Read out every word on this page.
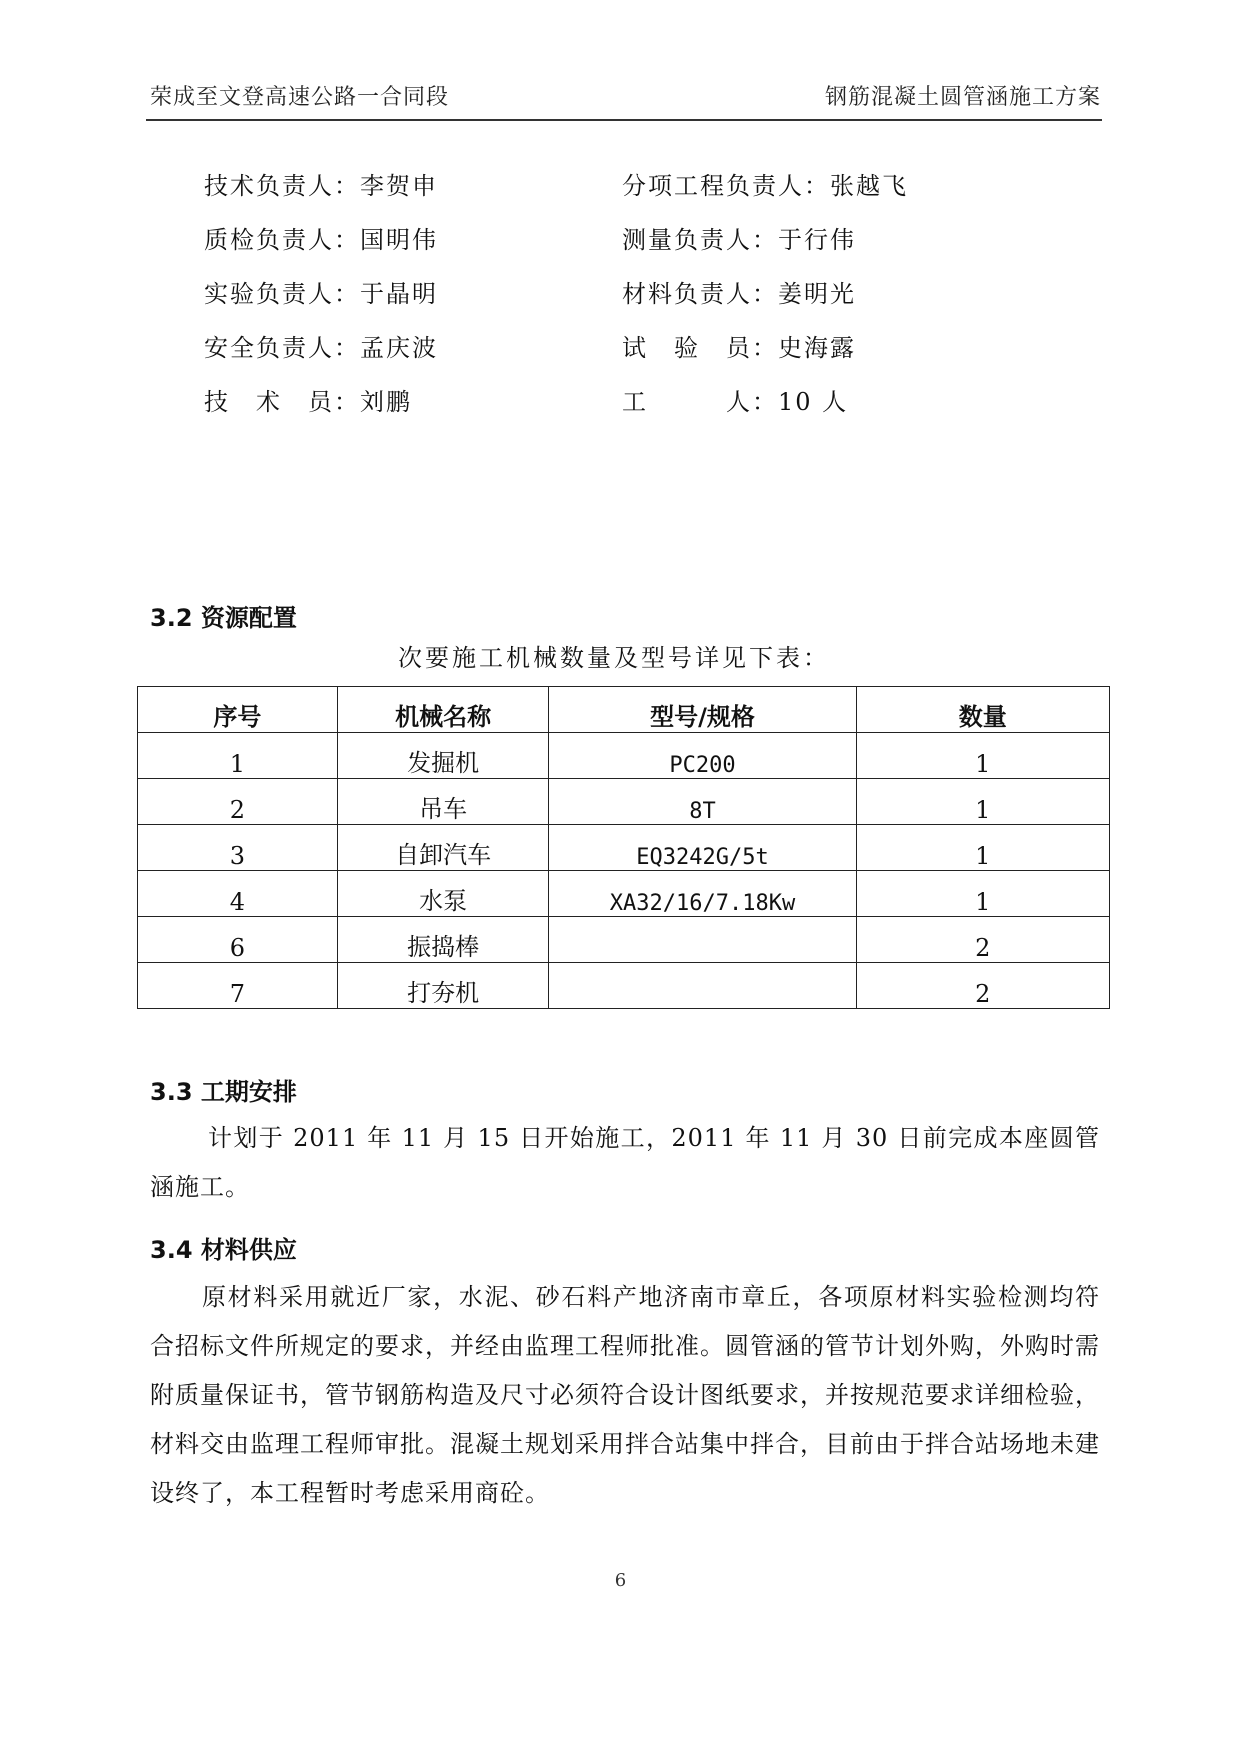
荣成至文登高速公路一合同段	钢筋混凝土圆管涵施工方案
技术负责人：李贺申	分项工程负责人：张越飞
质检负责人：国明伟	测量负责人：于行伟
实验负责人：于晶明	材料负责人：姜明光
安全负责人：孟庆波	试　验　员：史海露
技　术　员：刘鹏	工　　　人：10 人
3.2 资源配置
次要施工机械数量及型号详见下表：
序号	机械名称	型号/规格	数量
1	发掘机	PC200	1
2	吊车	8T	1
3	自卸汽车	EQ3242G/5t	1
4	水泵	XA32/16/7.18Kw	1
6	振捣棒		2
7	打夯机		2
3.3 工期安排
计划于 2011 年 11 月 15 日开始施工，2011 年 11 月 30 日前完成本座圆管涵施工。
3.4 材料供应
原材料采用就近厂家，水泥、砂石料产地济南市章丘，各项原材料实验检测均符合招标文件所规定的要求，并经由监理工程师批准。圆管涵的管节计划外购，外购时需附质量保证书，管节钢筋构造及尺寸必须符合设计图纸要求，并按规范要求详细检验，材料交由监理工程师审批。混凝土规划采用拌合站集中拌合，目前由于拌合站场地未建设终了，本工程暂时考虑采用商砼。
6
